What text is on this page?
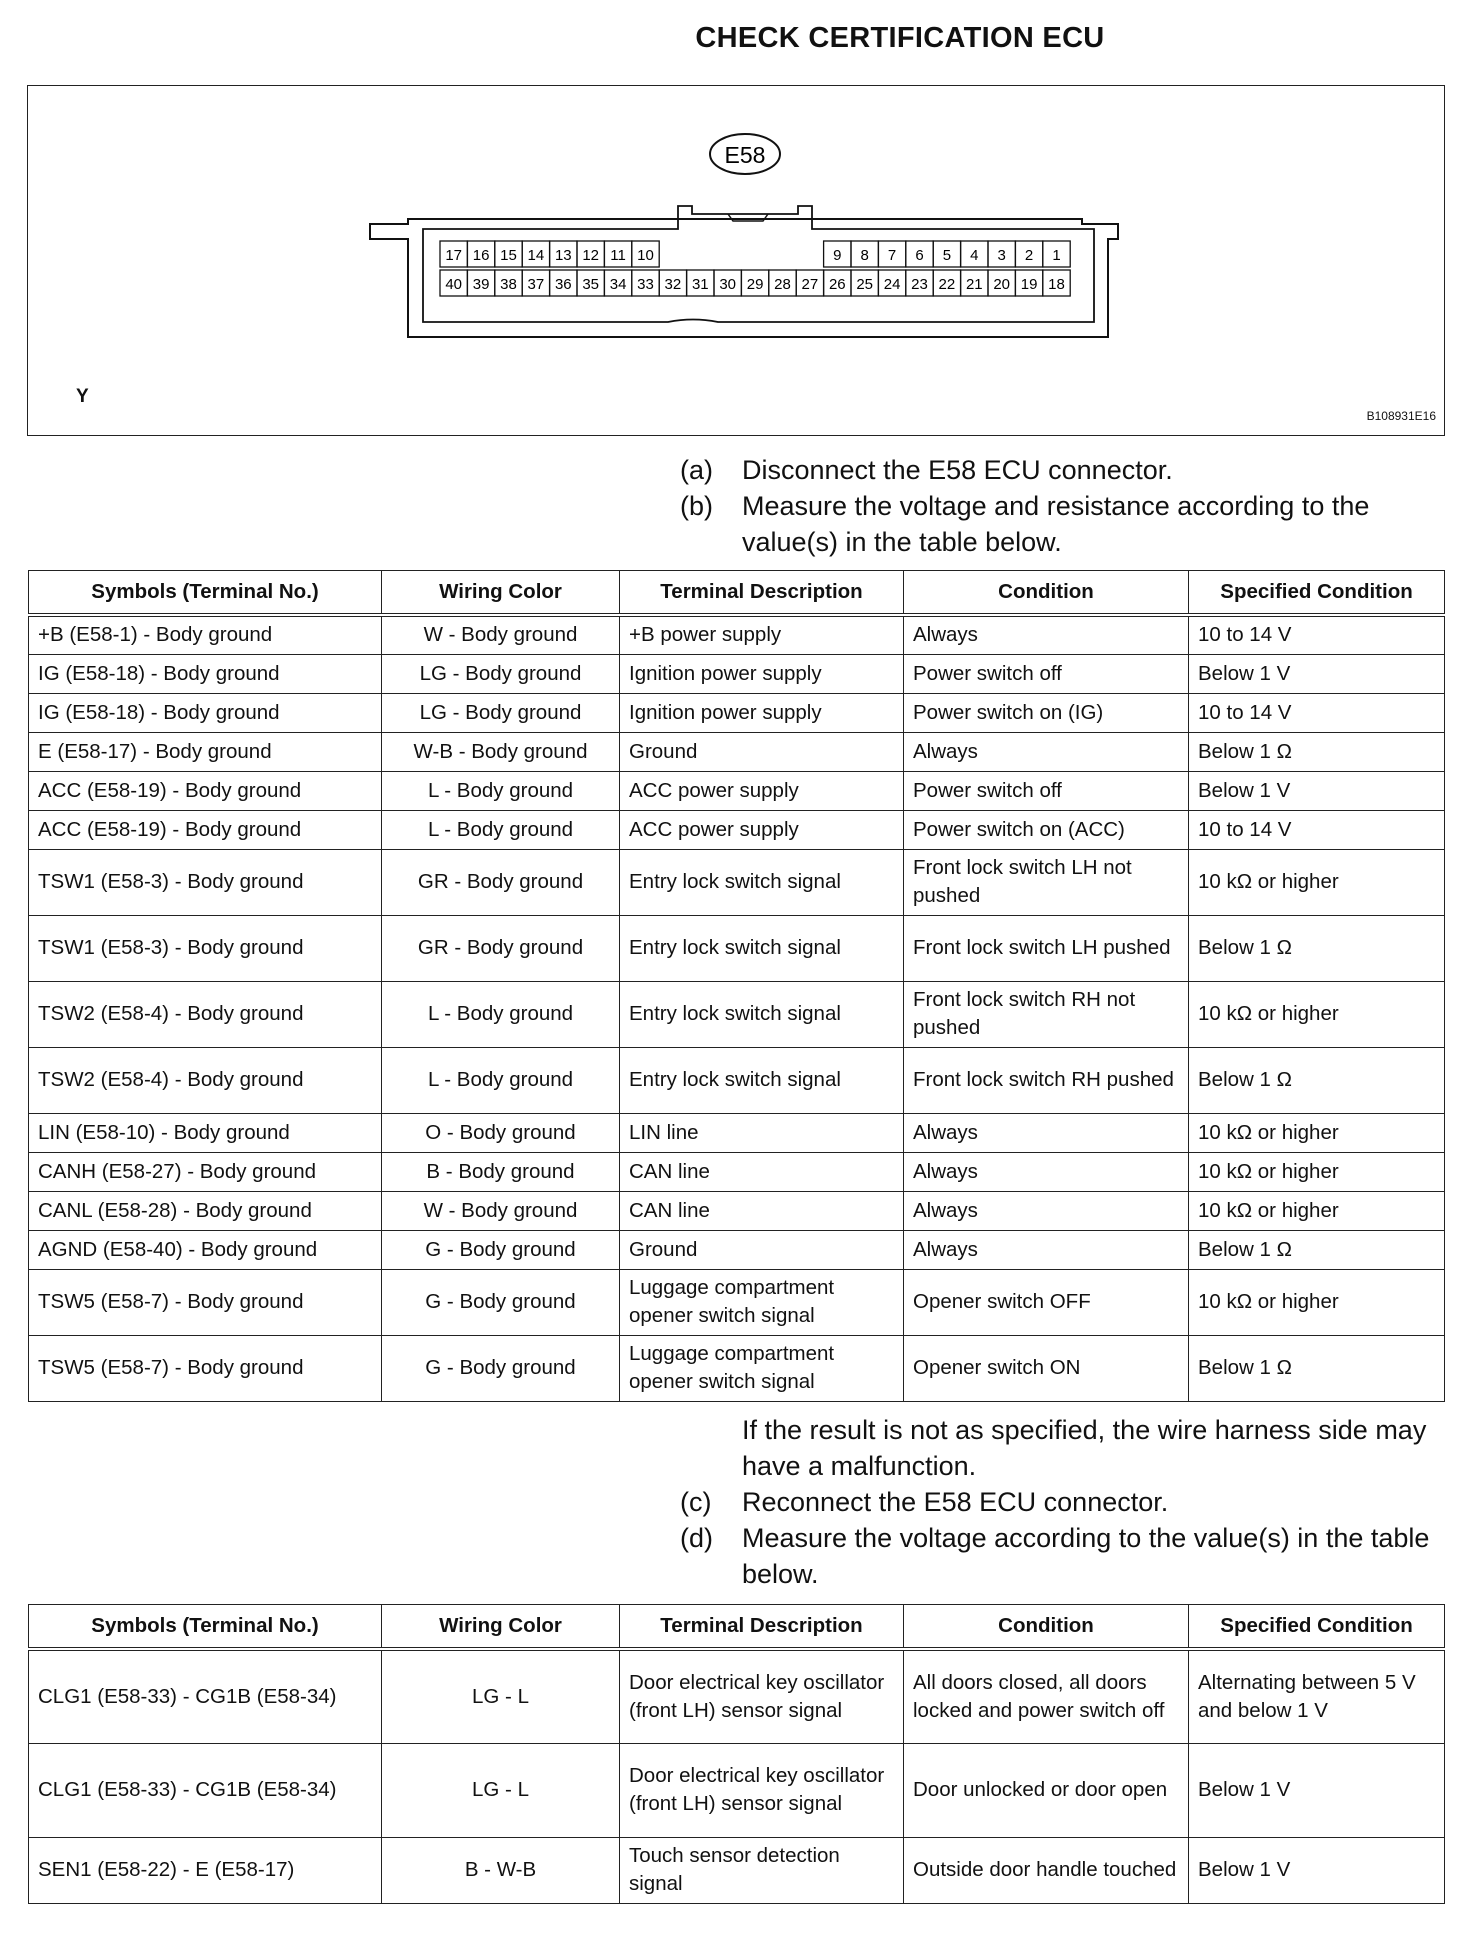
CHECK CERTIFICATION ECU
E58
17 16 15 14 13 12 11 10	9 8 7 6 5 4 3 2 1
40 39 38 37 36 35 34 33 32 31 30 29 28 27 26 25 24 23 22 21 20 19 18
Y
B108931E16
(a)	Disconnect the E58 ECU connector.
(b)	Measure the voltage and resistance according to the value(s) in the table below.
Symbols (Terminal No.)	Wiring Color	Terminal Description	Condition	Specified Condition
+B (E58-1) - Body ground	W - Body ground	+B power supply	Always	10 to 14 V
IG (E58-18) - Body ground	LG - Body ground	Ignition power supply	Power switch off	Below 1 V
IG (E58-18) - Body ground	LG - Body ground	Ignition power supply	Power switch on (IG)	10 to 14 V
E (E58-17) - Body ground	W-B - Body ground	Ground	Always	Below 1 Ω
ACC (E58-19) - Body ground	L - Body ground	ACC power supply	Power switch off	Below 1 V
ACC (E58-19) - Body ground	L - Body ground	ACC power supply	Power switch on (ACC)	10 to 14 V
TSW1 (E58-3) - Body ground	GR - Body ground	Entry lock switch signal	Front lock switch LH not pushed	10 kΩ or higher
TSW1 (E58-3) - Body ground	GR - Body ground	Entry lock switch signal	Front lock switch LH pushed	Below 1 Ω
TSW2 (E58-4) - Body ground	L - Body ground	Entry lock switch signal	Front lock switch RH not pushed	10 kΩ or higher
TSW2 (E58-4) - Body ground	L - Body ground	Entry lock switch signal	Front lock switch RH pushed	Below 1 Ω
LIN (E58-10) - Body ground	O - Body ground	LIN line	Always	10 kΩ or higher
CANH (E58-27) - Body ground	B - Body ground	CAN line	Always	10 kΩ or higher
CANL (E58-28) - Body ground	W - Body ground	CAN line	Always	10 kΩ or higher
AGND (E58-40) - Body ground	G - Body ground	Ground	Always	Below 1 Ω
TSW5 (E58-7) - Body ground	G - Body ground	Luggage compartment opener switch signal	Opener switch OFF	10 kΩ or higher
TSW5 (E58-7) - Body ground	G - Body ground	Luggage compartment opener switch signal	Opener switch ON	Below 1 Ω
If the result is not as specified, the wire harness side may have a malfunction.
(c)	Reconnect the E58 ECU connector.
(d)	Measure the voltage according to the value(s) in the table below.
Symbols (Terminal No.)	Wiring Color	Terminal Description	Condition	Specified Condition
CLG1 (E58-33) - CG1B (E58-34)	LG - L	Door electrical key oscillator (front LH) sensor signal	All doors closed, all doors locked and power switch off	Alternating between 5 V and below 1 V
CLG1 (E58-33) - CG1B (E58-34)	LG - L	Door electrical key oscillator (front LH) sensor signal	Door unlocked or door open	Below 1 V
SEN1 (E58-22) - E (E58-17)	B - W-B	Touch sensor detection signal	Outside door handle touched	Below 1 V
